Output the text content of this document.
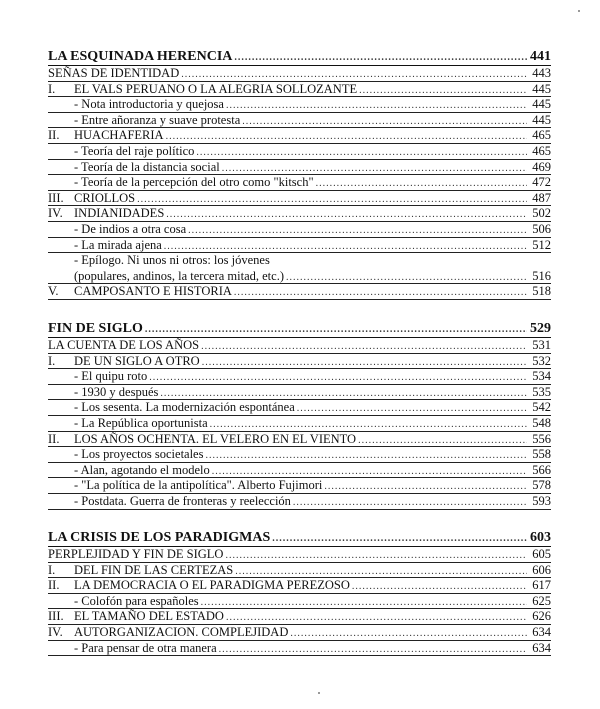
LA ESQUINADA HERENCIA .....	441
SEÑAS DE IDENTIDAD .....	443
I.	EL VALS PERUANO O LA ALEGRIA SOLLOZANTE .....	445
- Nota introductoria y quejosa .....	445
- Entre añoranza y suave protesta .....	445
II.	HUACHAFERIA .....	465
- Teoría del raje político .....	465
- Teoría de la distancia social .....	469
- Teoría de la percepción del otro como "kitsch" .....	472
III. CRIOLLOS .....	487
IV. INDIANIDADES .....	502
- De indios a otra cosa .....	506
- La mirada ajena .....	512
- Epílogo. Ni unos ni otros: los jóvenes
(populares, andinos, la tercera mitad, etc.) .....	516
V.	CAMPOSANTO E HISTORIA .....	518
FIN DE SIGLO .....	529
LA CUENTA DE LOS AÑOS .....	531
I.	DE UN SIGLO A OTRO .....	532
- El quipu roto .....	534
- 1930 y después .....	535
- Los sesenta. La modernización espontánea .....	542
- La República oportunista .....	548
II.	LOS AÑOS OCHENTA. EL VELERO EN EL VIENTO .....	556
- Los proyectos societales .....	558
- Alan, agotando el modelo .....	566
- "La política de la antipolítica". Alberto Fujimori .....	578
- Postdata. Guerra de fronteras y reelección .....	593
LA CRISIS DE LOS PARADIGMAS .....	603
PERPLEJIDAD Y FIN DE SIGLO .....	605
I.	DEL FIN DE LAS CERTEZAS .....	606
II.	LA DEMOCRACIA O EL PARADIGMA PEREZOSO .....	617
- Colofón para españoles .....	625
III. EL TAMAÑO DEL ESTADO .....	626
IV. AUTORGANIZACION. COMPLEJIDAD .....	634
- Para pensar de otra manera .....	634
